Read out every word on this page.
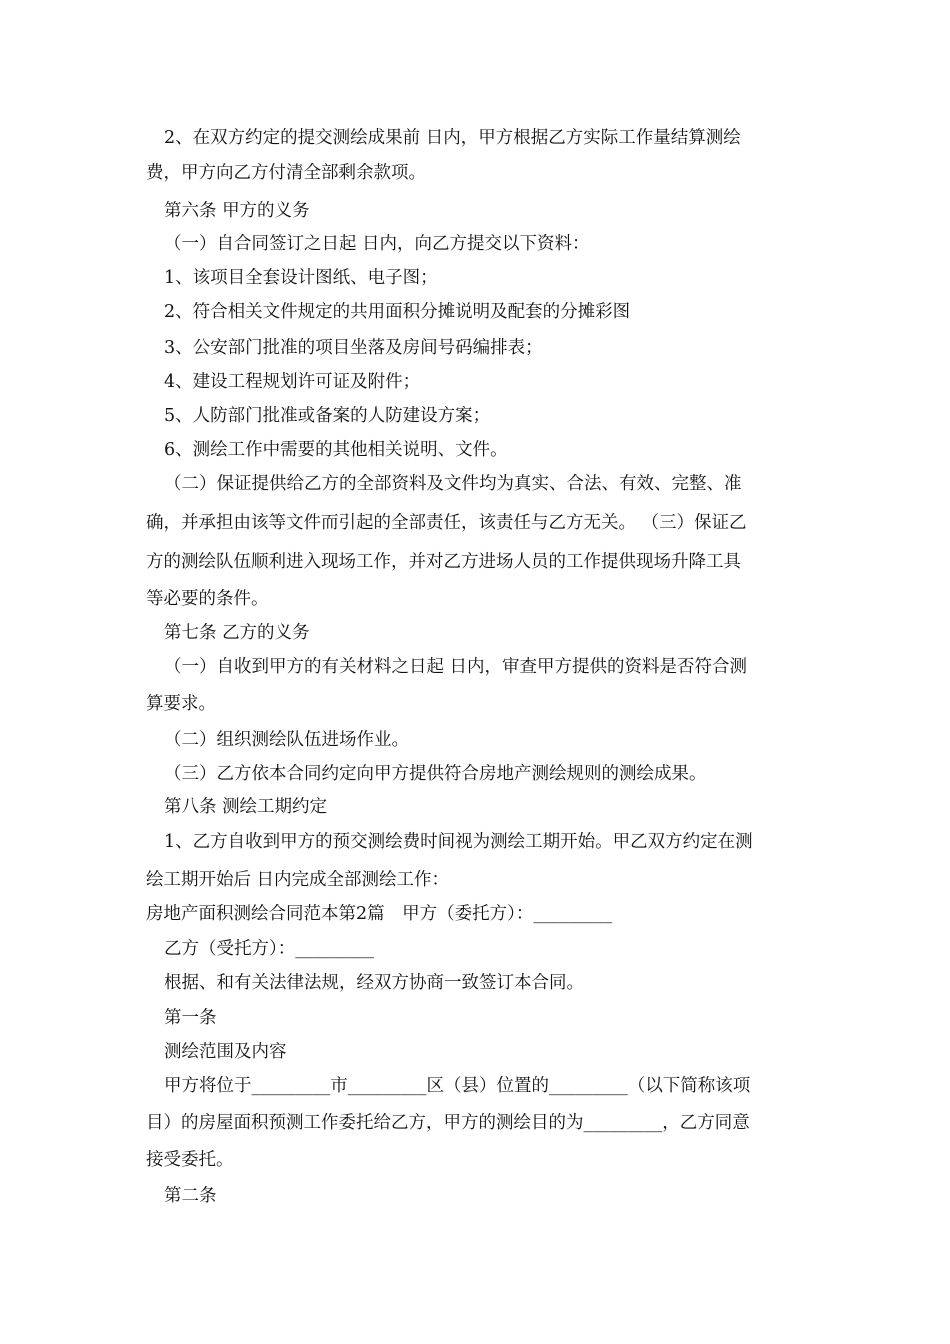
2、在双方约定的提交测绘成果前 日内，甲方根据乙方实际工作量结算测绘
费，甲方向乙方付清全部剩余款项。
第六条 甲方的义务
（一）自合同签订之日起 日内，向乙方提交以下资料：
1、该项目全套设计图纸、电子图；
2、符合相关文件规定的共用面积分摊说明及配套的分摊彩图
3、公安部门批准的项目坐落及房间号码编排表；
4、建设工程规划许可证及附件；
5、人防部门批准或备案的人防建设方案；
6、测绘工作中需要的其他相关说明、文件。
（二）保证提供给乙方的全部资料及文件均为真实、合法、有效、完整、准
确，并承担由该等文件而引起的全部责任，该责任与乙方无关。 （三）保证乙
方的测绘队伍顺利进入现场工作，并对乙方进场人员的工作提供现场升降工具
等必要的条件。
第七条 乙方的义务
（一）自收到甲方的有关材料之日起 日内，审查甲方提供的资料是否符合测
算要求。
（二）组织测绘队伍进场作业。
（三）乙方依本合同约定向甲方提供符合房地产测绘规则的测绘成果。
第八条 测绘工期约定
1、乙方自收到甲方的预交测绘费时间视为测绘工期开始。甲乙双方约定在测
绘工期开始后 日内完成全部测绘工作：
房地产面积测绘合同范本第2篇　甲方（委托方）：_________
乙方（受托方）：_________
根据、和有关法律法规，经双方协商一致签订本合同。
第一条
测绘范围及内容
甲方将位于_________市_________区（县）位置的_________（以下简称该项
目）的房屋面积预测工作委托给乙方，甲方的测绘目的为_________，乙方同意
接受委托。
第二条
